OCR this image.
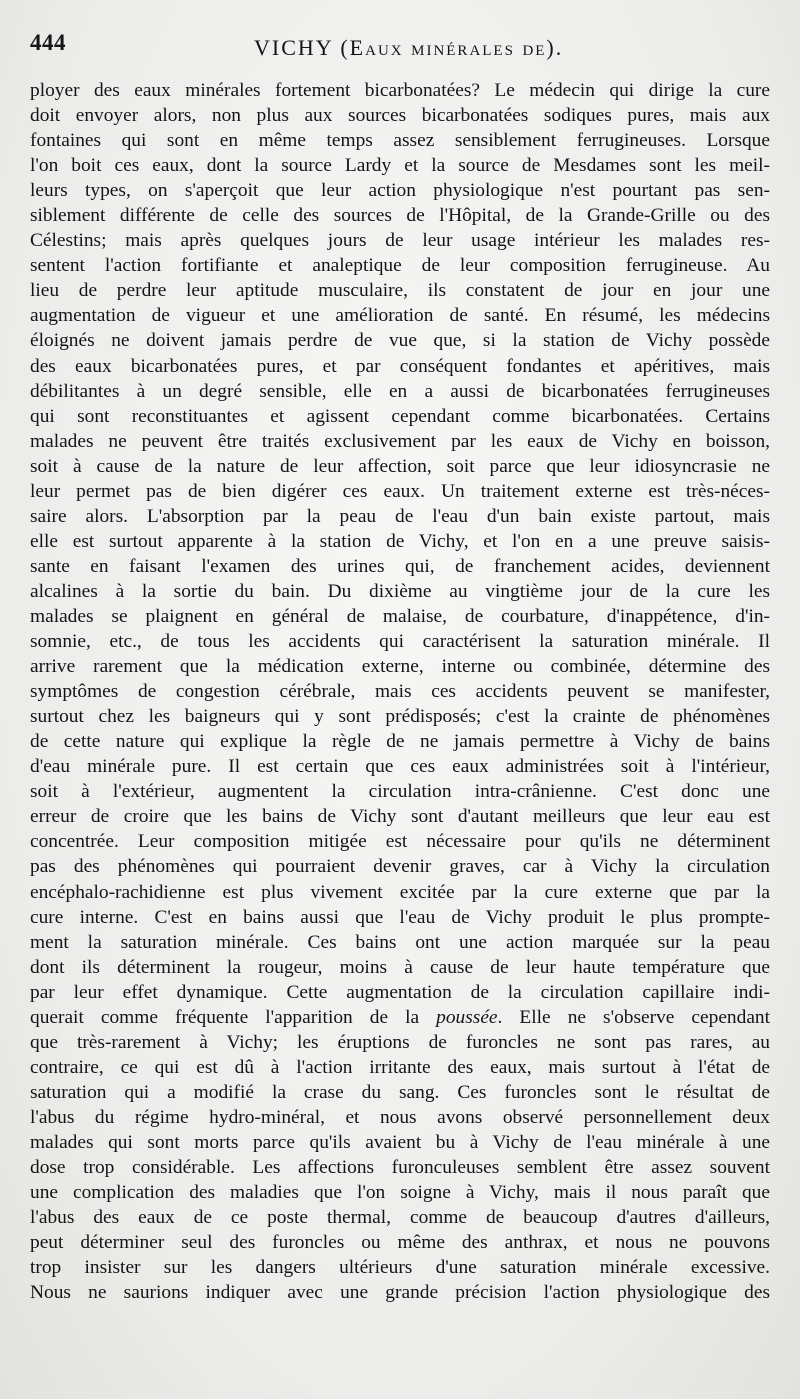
444	VICHY (Eaux minérales de).
ployer des eaux minérales fortement bicarbonatées? Le médecin qui dirige la cure
doit envoyer alors, non plus aux sources bicarbonatées sodiques pures, mais aux
fontaines qui sont en même temps assez sensiblement ferrugineuses. Lorsque
l'on boit ces eaux, dont la source Lardy et la source de Mesdames sont les meil-
leurs types, on s'aperçoit que leur action physiologique n'est pourtant pas sen-
siblement différente de celle des sources de l'Hôpital, de la Grande-Grille ou des
Célestins; mais après quelques jours de leur usage intérieur les malades res-
sentent l'action fortifiante et analeptique de leur composition ferrugineuse. Au
lieu de perdre leur aptitude musculaire, ils constatent de jour en jour une
augmentation de vigueur et une amélioration de santé. En résumé, les médecins
éloignés ne doivent jamais perdre de vue que, si la station de Vichy possède
des eaux bicarbonatées pures, et par conséquent fondantes et apéritives, mais
débilitantes à un degré sensible, elle en a aussi de bicarbonatées ferrugineuses
qui sont reconstituantes et agissent cependant comme bicarbonatées. Certains
malades ne peuvent être traités exclusivement par les eaux de Vichy en boisson,
soit à cause de la nature de leur affection, soit parce que leur idiosyncrasie ne
leur permet pas de bien digérer ces eaux. Un traitement externe est très-néces-
saire alors. L'absorption par la peau de l'eau d'un bain existe partout, mais
elle est surtout apparente à la station de Vichy, et l'on en a une preuve saisis-
sante en faisant l'examen des urines qui, de franchement acides, deviennent
alcalines à la sortie du bain. Du dixième au vingtième jour de la cure les
malades se plaignent en général de malaise, de courbature, d'inappétence, d'in-
somnie, etc., de tous les accidents qui caractérisent la saturation minérale. Il
arrive rarement que la médication externe, interne ou combinée, détermine des
symptômes de congestion cérébrale, mais ces accidents peuvent se manifester,
surtout chez les baigneurs qui y sont prédisposés; c'est la crainte de phénomènes
de cette nature qui explique la règle de ne jamais permettre à Vichy de bains
d'eau minérale pure. Il est certain que ces eaux administrées soit à l'intérieur,
soit à l'extérieur, augmentent la circulation intra-crânienne. C'est donc une
erreur de croire que les bains de Vichy sont d'autant meilleurs que leur eau est
concentrée. Leur composition mitigée est nécessaire pour qu'ils ne déterminent
pas des phénomènes qui pourraient devenir graves, car à Vichy la circulation
encéphalo-rachidienne est plus vivement excitée par la cure externe que par la
cure interne. C'est en bains aussi que l'eau de Vichy produit le plus prompte-
ment la saturation minérale. Ces bains ont une action marquée sur la peau
dont ils déterminent la rougeur, moins à cause de leur haute température que
par leur effet dynamique. Cette augmentation de la circulation capillaire indi-
querait comme fréquente l'apparition de la poussée. Elle ne s'observe cependant
que très-rarement à Vichy; les éruptions de furoncles ne sont pas rares, au
contraire, ce qui est dû à l'action irritante des eaux, mais surtout à l'état de
saturation qui a modifié la crase du sang. Ces furoncles sont le résultat de
l'abus du régime hydro-minéral, et nous avons observé personnellement deux
malades qui sont morts parce qu'ils avaient bu à Vichy de l'eau minérale à une
dose trop considérable. Les affections furonculeuses semblent être assez souvent
une complication des maladies que l'on soigne à Vichy, mais il nous paraît que
l'abus des eaux de ce poste thermal, comme de beaucoup d'autres d'ailleurs,
peut déterminer seul des furoncles ou même des anthrax, et nous ne pouvons
trop insister sur les dangers ultérieurs d'une saturation minérale excessive.
Nous ne saurions indiquer avec une grande précision l'action physiologique des
